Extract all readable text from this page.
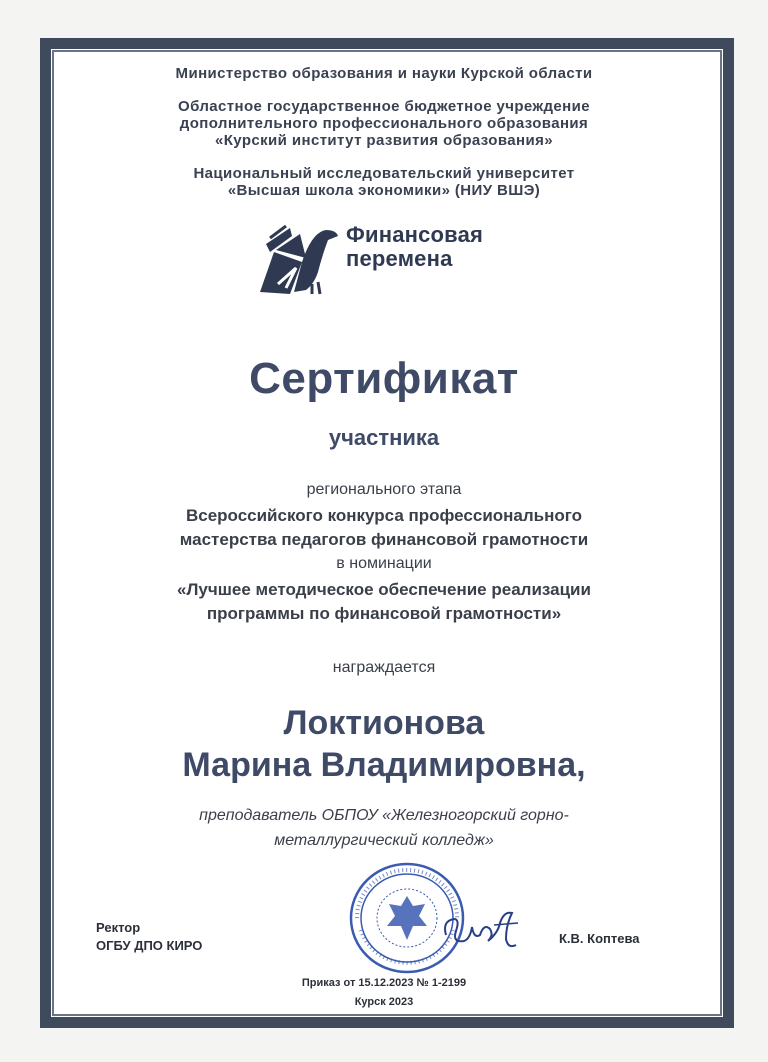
Министерство образования и науки Курской области
Областное государственное бюджетное учреждение
дополнительного профессионального образования
«Курский институт развития образования»
Национальный исследовательский университет
«Высшая школа экономики» (НИУ ВШЭ)
Финансовая
перемена
Сертификат
участника
регионального этапа
Всероссийского конкурса профессионального
мастерства педагогов финансовой грамотности
в номинации
«Лучшее методическое обеспечение реализации
программы по финансовой грамотности»
награждается
Локтионова
Марина Владимировна,
преподаватель ОБПОУ «Железногорский горно-
металлургический колледж»
Ректор
ОГБУ ДПО КИРО	К.В. Коптева
Приказ от 15.12.2023 № 1-2199
Курск 2023
